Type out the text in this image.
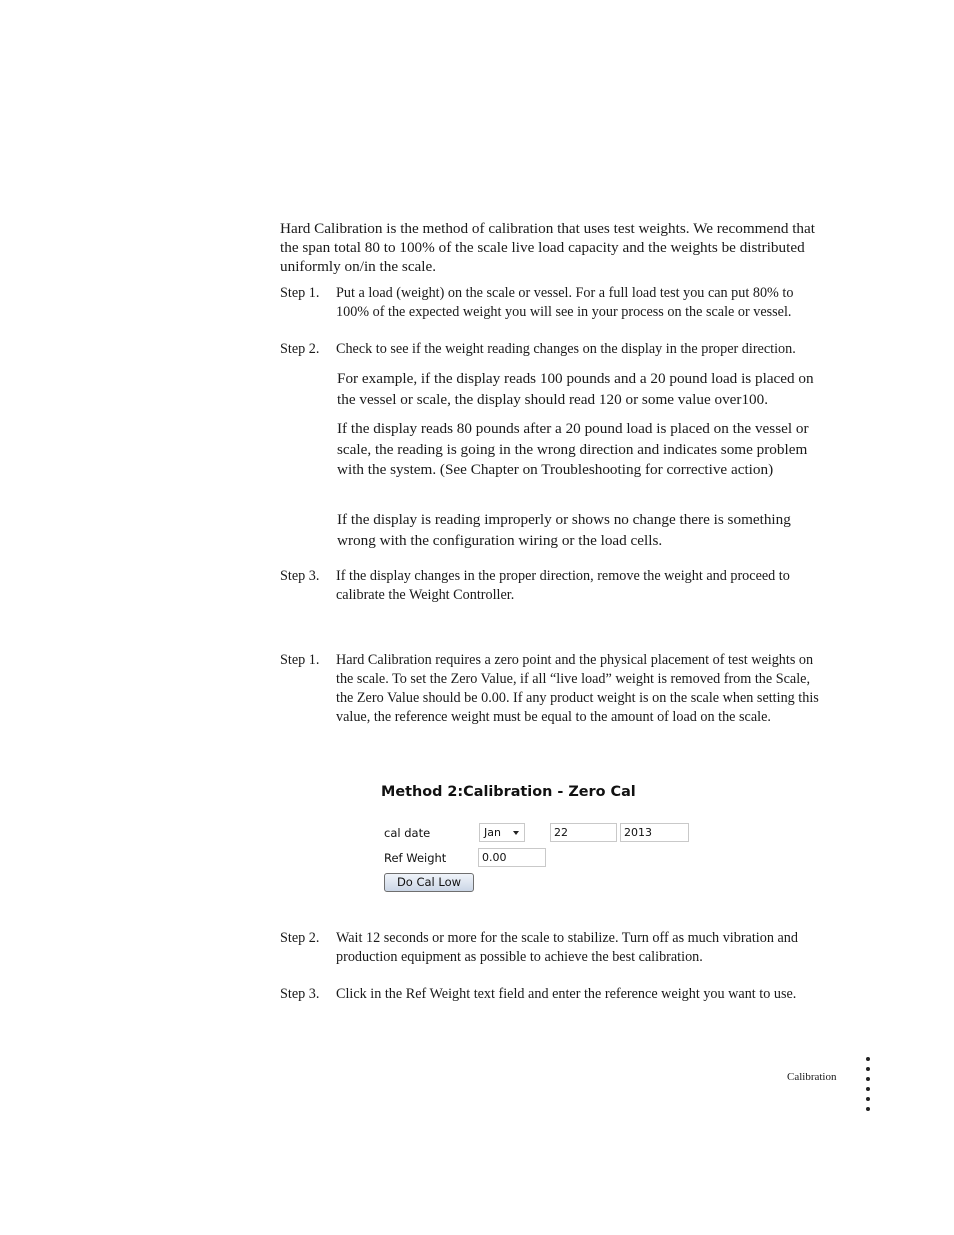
Hard Calibration is the method of calibration that uses test weights. We recommend that the span total 80 to 100% of the scale live load capacity and the weights be distributed uniformly on/in the scale.
Step 1. Put a load (weight) on the scale or vessel. For a full load test you can put 80% to 100% of the expected weight you will see in your process on the scale or vessel.
Step 2. Check to see if the weight reading changes on the display in the proper direction.
For example, if the display reads 100 pounds and a 20 pound load is placed on the vessel or scale, the display should read 120 or some value over100.
If the display reads 80 pounds after a 20 pound load is placed on the vessel or scale, the reading is going in the wrong direction and indicates some problem with the system. (See Chapter on Troubleshooting for corrective action)
If the display is reading improperly or shows no change there is something wrong with the configuration wiring or the load cells.
Step 3. If the display changes in the proper direction, remove the weight and proceed to calibrate the Weight Controller.
Step 1. Hard Calibration requires a zero point and the physical placement of test weights on the scale. To set the Zero Value, if all “live load” weight is removed from the Scale, the Zero Value should be 0.00. If any product weight is on the scale when setting this value, the reference weight must be equal to the amount of load on the scale.
Method 2:Calibration - Zero Cal
cal date	Jan	22	2013
Ref Weight	0.00
Do Cal Low
Step 2. Wait 12 seconds or more for the scale to stabilize. Turn off as much vibration and production equipment as possible to achieve the best calibration.
Step 3. Click in the Ref Weight text field and enter the reference weight you want to use.
Calibration
